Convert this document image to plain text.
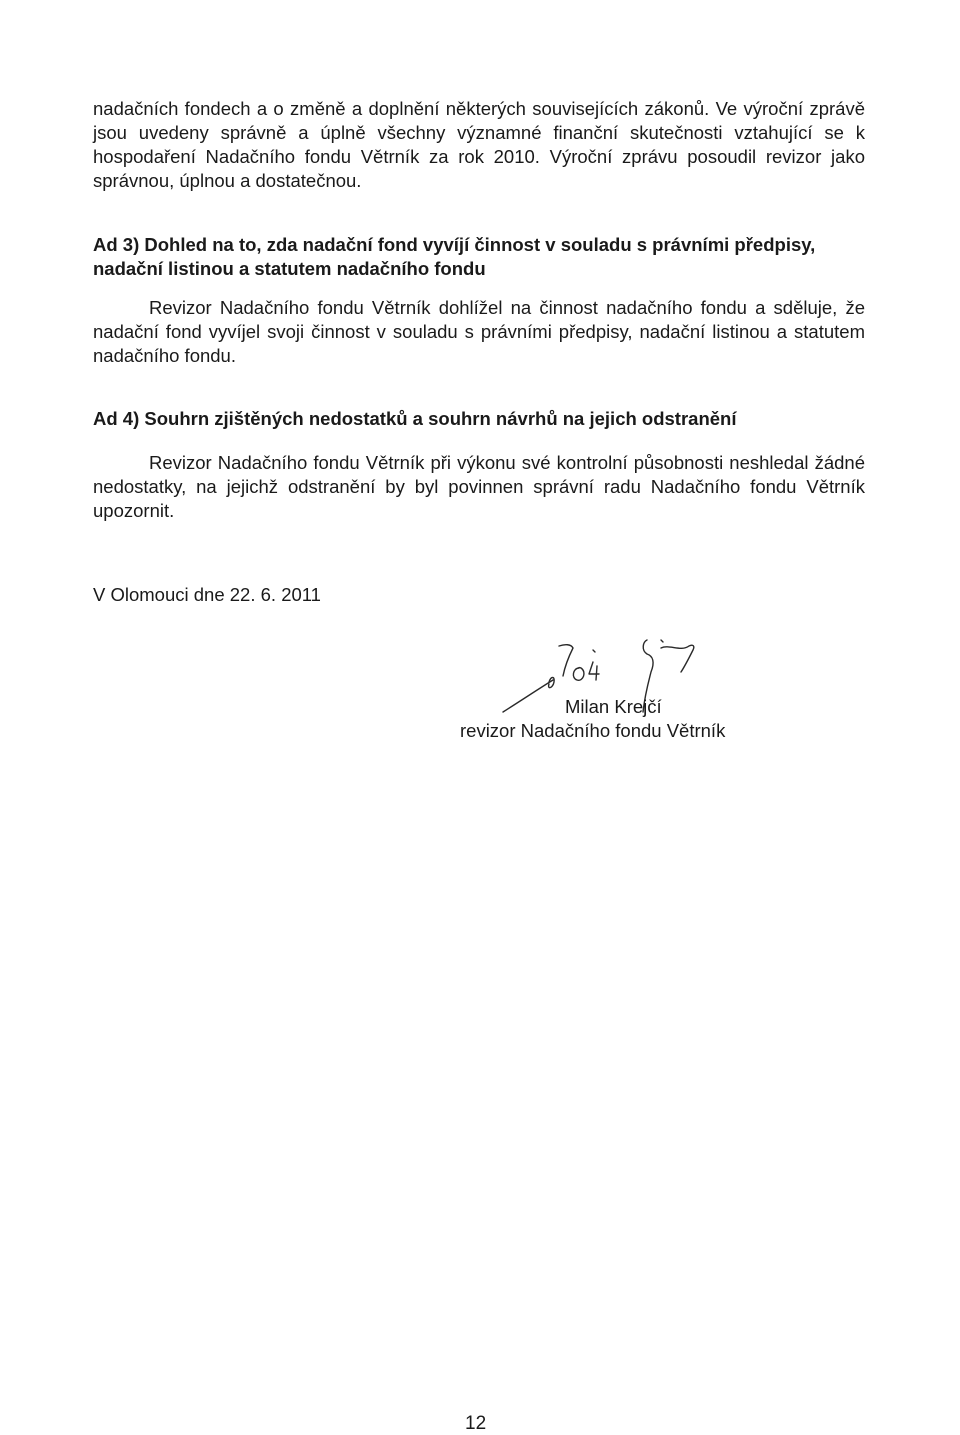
nadačních fondech a o změně a doplnění některých souvisejících zákonů. Ve výroční zprávě jsou uvedeny správně a úplně všechny významné finanční skutečnosti vztahující se k hospodaření Nadačního fondu Větrník za rok 2010. Výroční zprávu posoudil revizor jako správnou, úplnou a dostatečnou.

Ad 3) Dohled na to, zda nadační fond vyvíjí činnost v souladu s právními předpisy, nadační listinou a statutem nadačního fondu

Revizor Nadačního fondu Větrník dohlížel na činnost nadačního fondu a sděluje, že nadační fond vyvíjel svoji činnost v souladu s právními předpisy, nadační listinou a statutem nadačního fondu.

Ad 4) Souhrn zjištěných nedostatků a souhrn návrhů na jejich odstranění

Revizor Nadačního fondu Větrník při výkonu své kontrolní působnosti neshledal žádné nedostatky, na jejichž odstranění by byl povinnen správní radu Nadačního fondu Větrník upozornit.

V Olomouci dne 22. 6. 2011
Milan Krejčí
revizor Nadačního fondu Větrník
12
